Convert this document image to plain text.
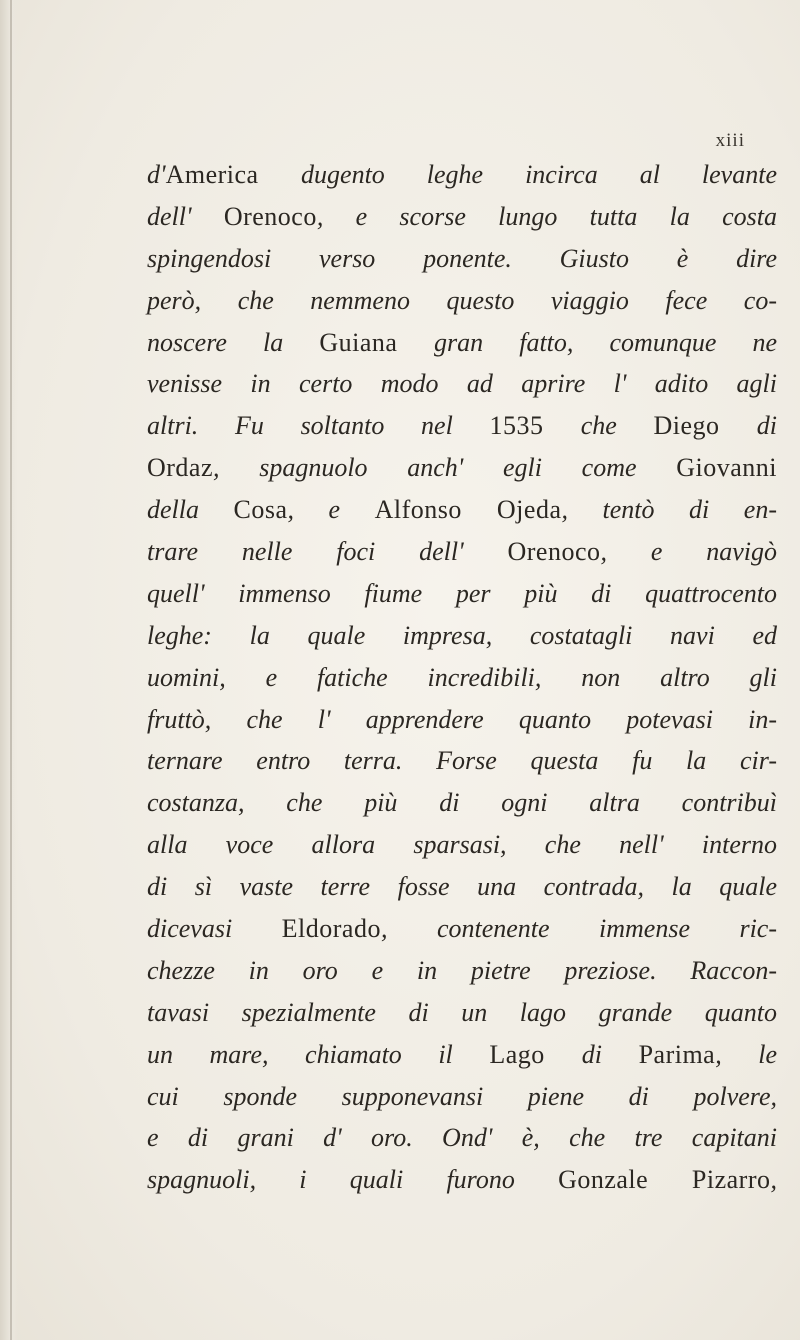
xiii
d'America dugento leghe incirca al levante
dell' Orenoco, e scorse lungo tutta la costa
spingendosi verso ponente. Giusto è dire
però, che nemmeno questo viaggio fece co-
noscere la Guiana gran fatto, comunque ne
venisse in certo modo ad aprire l' adito agli
altri. Fu soltanto nel 1535 che Diego di
Ordaz, spagnuolo anch' egli come Giovanni
della Cosa, e Alfonso Ojeda, tentò di en-
trare nelle foci dell' Orenoco, e navigò
quell' immenso fiume per più di quattrocento
leghe: la quale impresa, costatagli navi ed
uomini, e fatiche incredibili, non altro gli
fruttò, che l' apprendere quanto potevasi in-
ternare entro terra. Forse questa fu la cir-
costanza, che più di ogni altra contribuì
alla voce allora sparsasi, che nell' interno
di sì vaste terre fosse una contrada, la quale
dicevasi Eldorado, contenente immense ric-
chezze in oro e in pietre preziose. Raccon-
tavasi spezialmente di un lago grande quanto
un mare, chiamato il Lago di Parima, le
cui sponde supponevansi piene di polvere,
e di grani d' oro. Ond' è, che tre capitani
spagnuoli, i quali furono Gonzale Pizarro,
